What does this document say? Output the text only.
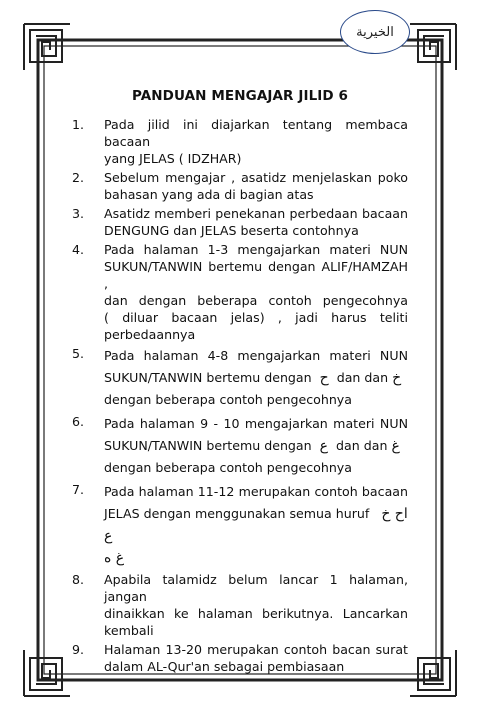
الخيرية
PANDUAN MENGAJAR JILID 6
1. Pada jilid ini diajarkan tentang membaca bacaan
yang JELAS ( IDZHAR)
2. Sebelum mengajar , asatidz menjelaskan poko
bahasan yang ada di bagian atas
3. Asatidz memberi penekanan perbedaan bacaan
DENGUNG dan JELAS beserta contohnya
4. Pada halaman 1-3 mengajarkan materi NUN
SUKUN/TANWIN bertemu dengan ALIF/HAMZAH ,
dan dengan beberapa contoh pengecohnya
( diluar bacaan jelas) , jadi harus teliti
perbedaannya
5. Pada halaman 4-8 mengajarkan materi NUN
SUKUN/TANWIN bertemu dengan ح dan dan خ
dengan beberapa contoh pengecohnya
6. Pada halaman 9 - 10 mengajarkan materi NUN
SUKUN/TANWIN bertemu dengan ع dan dan غ
dengan beberapa contoh pengecohnya
7. Pada halaman 11-12 merupakan contoh bacaan
JELAS dengan menggunakan semua huruf اح خ ع
غ ه
8. Apabila talamidz belum lancar 1 halaman, jangan
dinaikkan ke halaman berikutnya. Lancarkan
kembali
9. Halaman 13-20 merupakan contoh bacan surat
dalam AL-Qur'an sebagai pembiasaan
